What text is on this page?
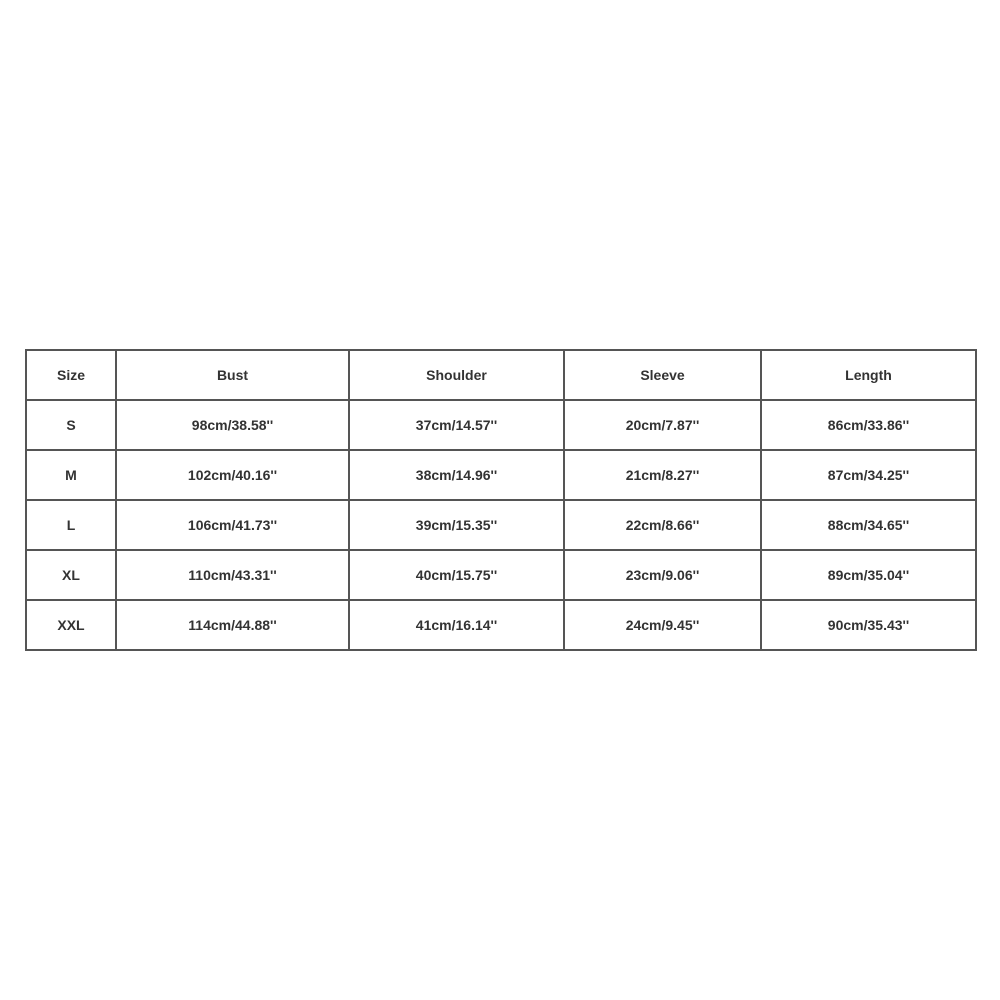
Size	Bust	Shoulder	Sleeve	Length
S	98cm/38.58''	37cm/14.57''	20cm/7.87''	86cm/33.86''
M	102cm/40.16''	38cm/14.96''	21cm/8.27''	87cm/34.25''
L	106cm/41.73''	39cm/15.35''	22cm/8.66''	88cm/34.65''
XL	110cm/43.31''	40cm/15.75''	23cm/9.06''	89cm/35.04''
XXL	114cm/44.88''	41cm/16.14''	24cm/9.45''	90cm/35.43''
